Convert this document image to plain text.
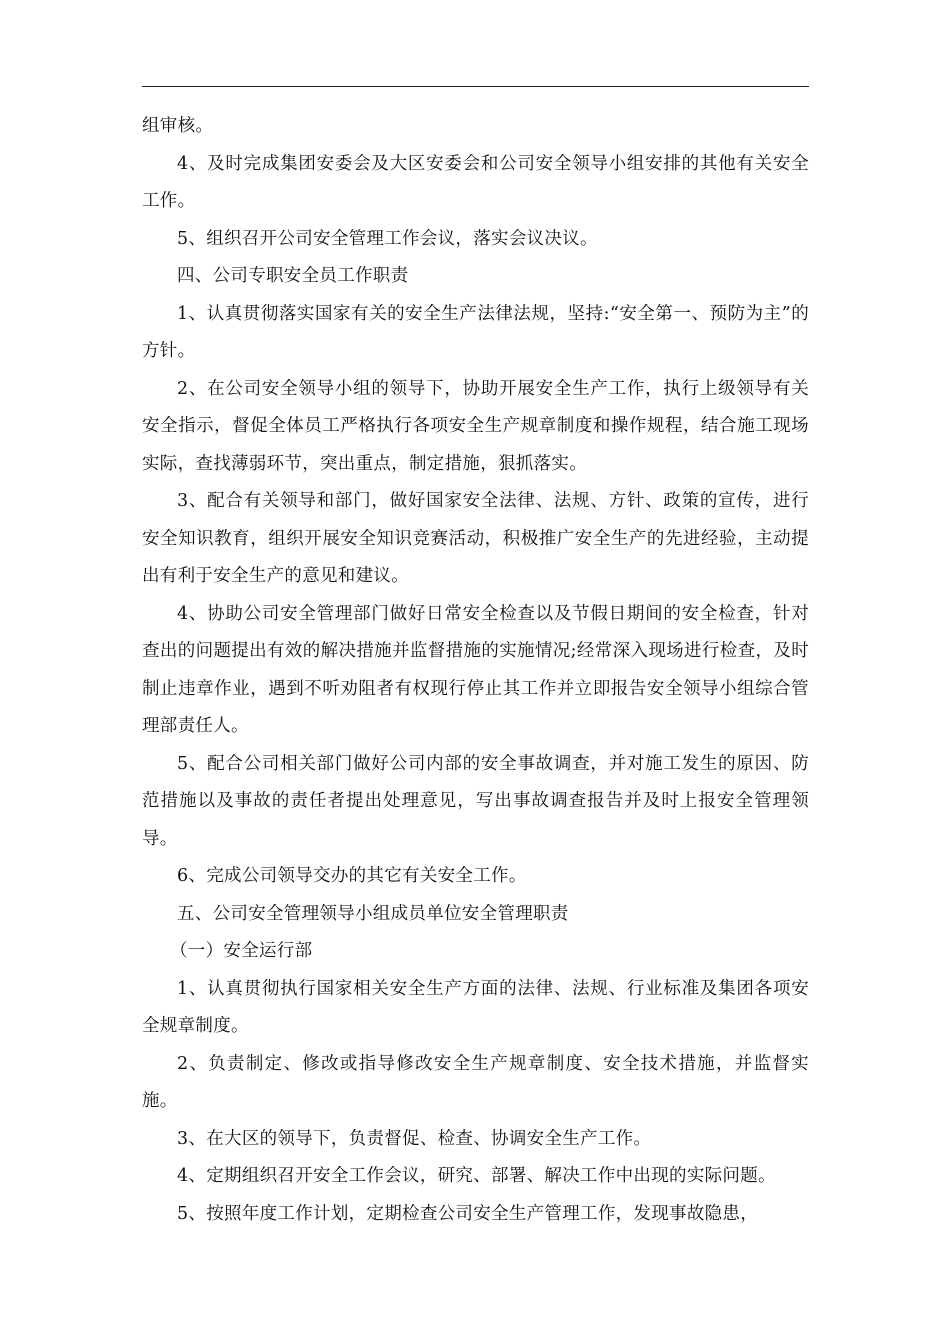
组审核。

4、及时完成集团安委会及大区安委会和公司安全领导小组安排的其他有关安全工作。

5、组织召开公司安全管理工作会议，落实会议决议。

四、公司专职安全员工作职责

1、认真贯彻落实国家有关的安全生产法律法规，坚持:“安全第一、预防为主”的方针。

2、在公司安全领导小组的领导下，协助开展安全生产工作，执行上级领导有关安全指示，督促全体员工严格执行各项安全生产规章制度和操作规程，结合施工现场实际，查找薄弱环节，突出重点，制定措施，狠抓落实。

3、配合有关领导和部门，做好国家安全法律、法规、方针、政策的宣传，进行安全知识教育，组织开展安全知识竞赛活动，积极推广安全生产的先进经验，主动提出有利于安全生产的意见和建议。

4、协助公司安全管理部门做好日常安全检查以及节假日期间的安全检查，针对查出的问题提出有效的解决措施并监督措施的实施情况;经常深入现场进行检查，及时制止违章作业，遇到不听劝阻者有权现行停止其工作并立即报告安全领导小组综合管理部责任人。

5、配合公司相关部门做好公司内部的安全事故调查，并对施工发生的原因、防范措施以及事故的责任者提出处理意见，写出事故调查报告并及时上报安全管理领导。

6、完成公司领导交办的其它有关安全工作。

五、公司安全管理领导小组成员单位安全管理职责

（一）安全运行部

1、认真贯彻执行国家相关安全生产方面的法律、法规、行业标准及集团各项安全规章制度。

2、负责制定、修改或指导修改安全生产规章制度、安全技术措施，并监督实施。

3、在大区的领导下，负责督促、检查、协调安全生产工作。

4、定期组织召开安全工作会议，研究、部署、解决工作中出现的实际问题。

5、按照年度工作计划，定期检查公司安全生产管理工作，发现事故隐患，
